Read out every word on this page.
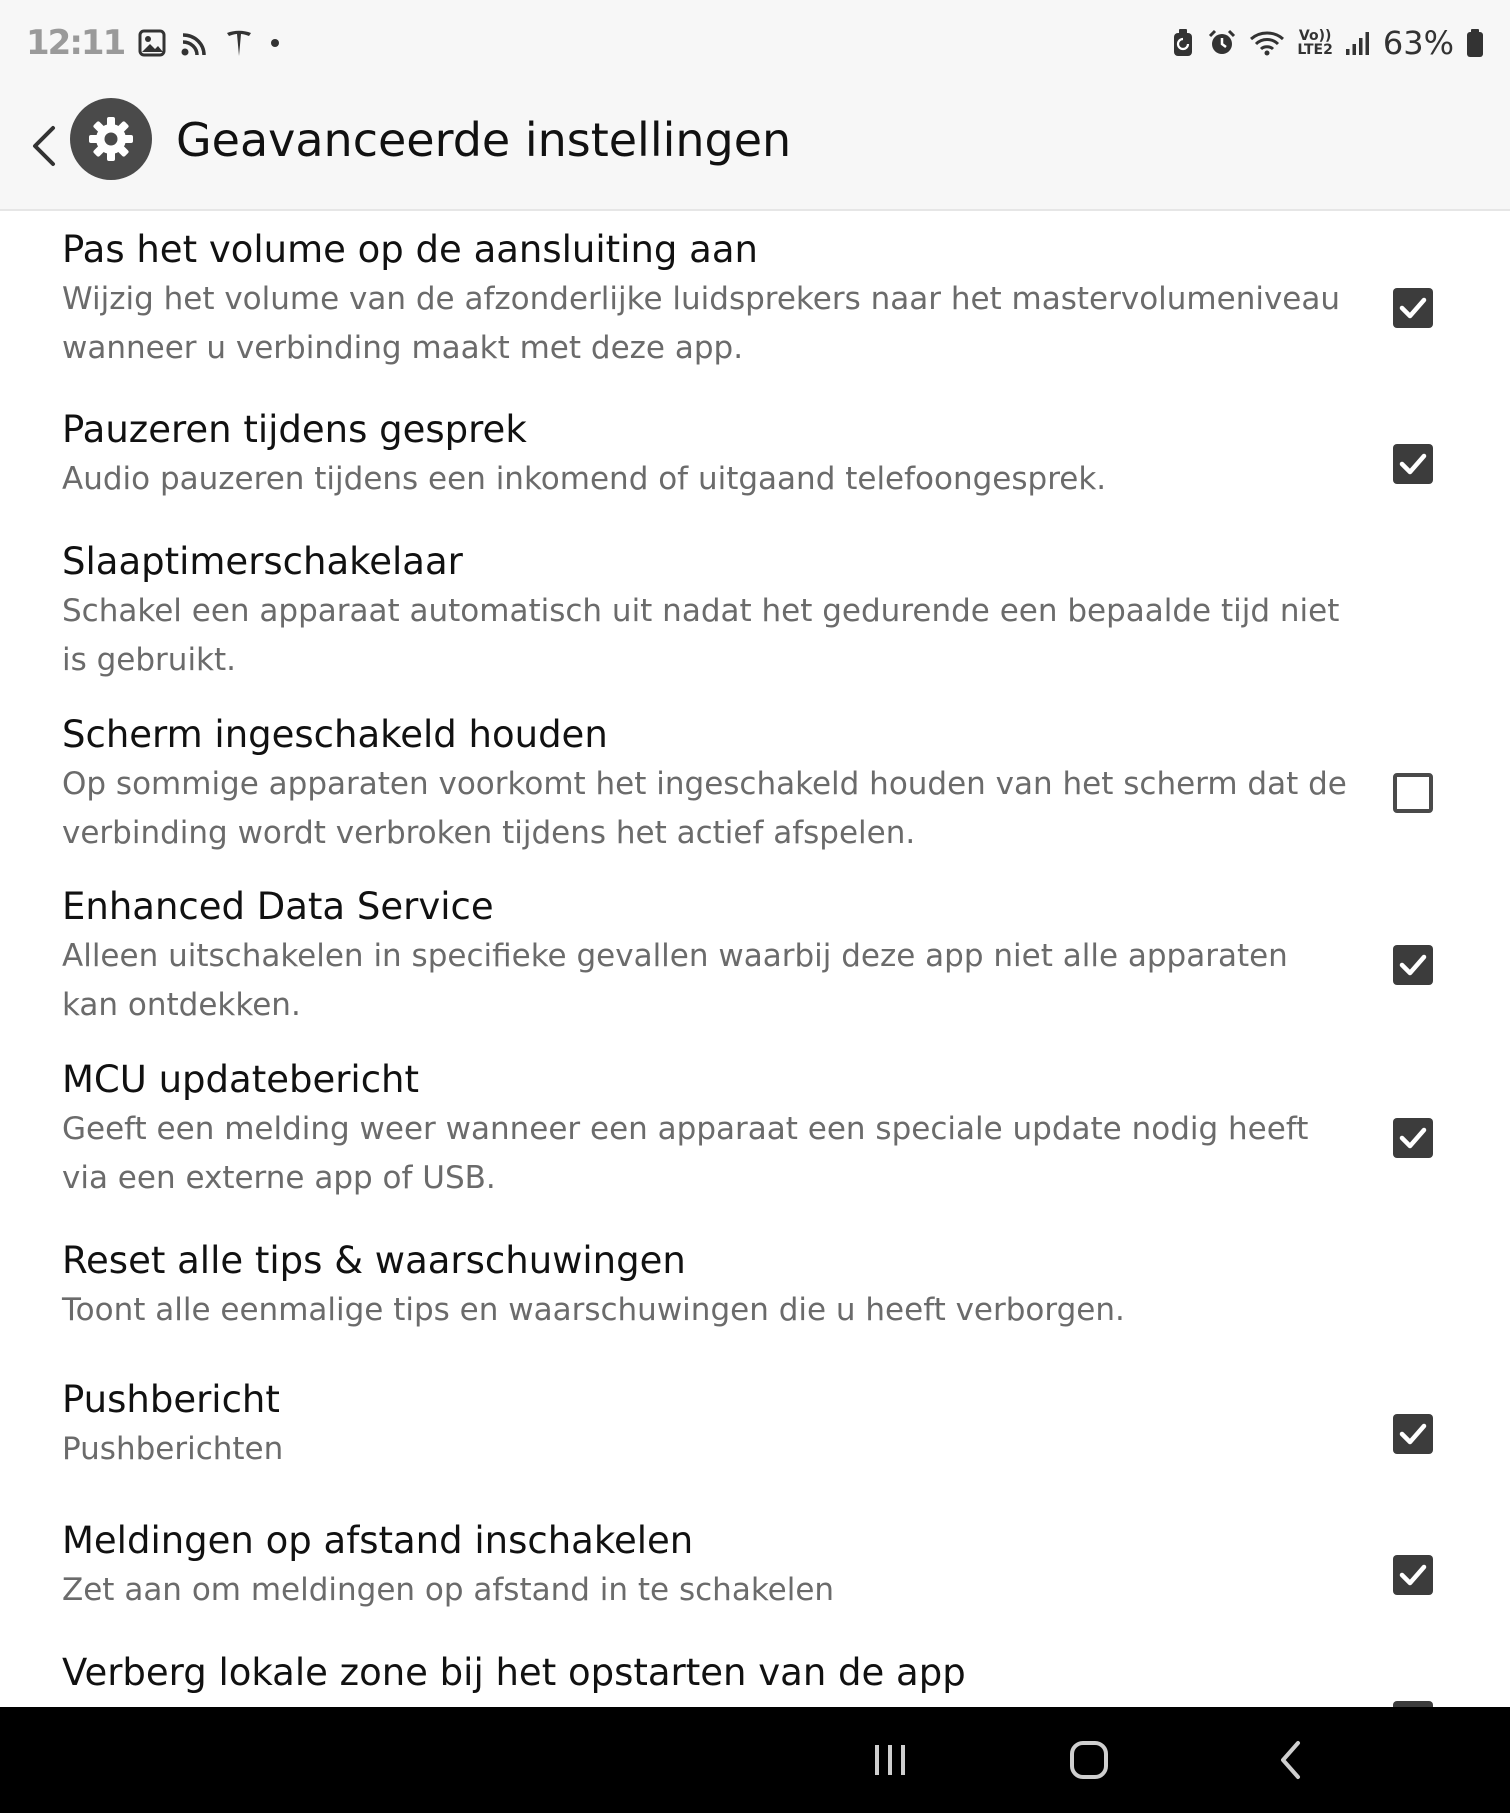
12:11	Vo))
LTE2 63%
Geavanceerde instellingen
Pas het volume op de aansluiting aan
Wijzig het volume van de afzonderlijke luidsprekers naar het mastervolumeniveau wanneer u verbinding maakt met deze app.
Pauzeren tijdens gesprek
Audio pauzeren tijdens een inkomend of uitgaand telefoongesprek.
Slaaptimerschakelaar
Schakel een apparaat automatisch uit nadat het gedurende een bepaalde tijd niet is gebruikt.
Scherm ingeschakeld houden
Op sommige apparaten voorkomt het ingeschakeld houden van het scherm dat de verbinding wordt verbroken tijdens het actief afspelen.
Enhanced Data Service
Alleen uitschakelen in specifieke gevallen waarbij deze app niet alle apparaten kan ontdekken.
MCU updatebericht
Geeft een melding weer wanneer een apparaat een speciale update nodig heeft via een externe app of USB.
Reset alle tips & waarschuwingen
Toont alle eenmalige tips en waarschuwingen die u heeft verborgen.
Pushbericht
Pushberichten
Meldingen op afstand inschakelen
Zet aan om meldingen op afstand in te schakelen
Verberg lokale zone bij het opstarten van de app
